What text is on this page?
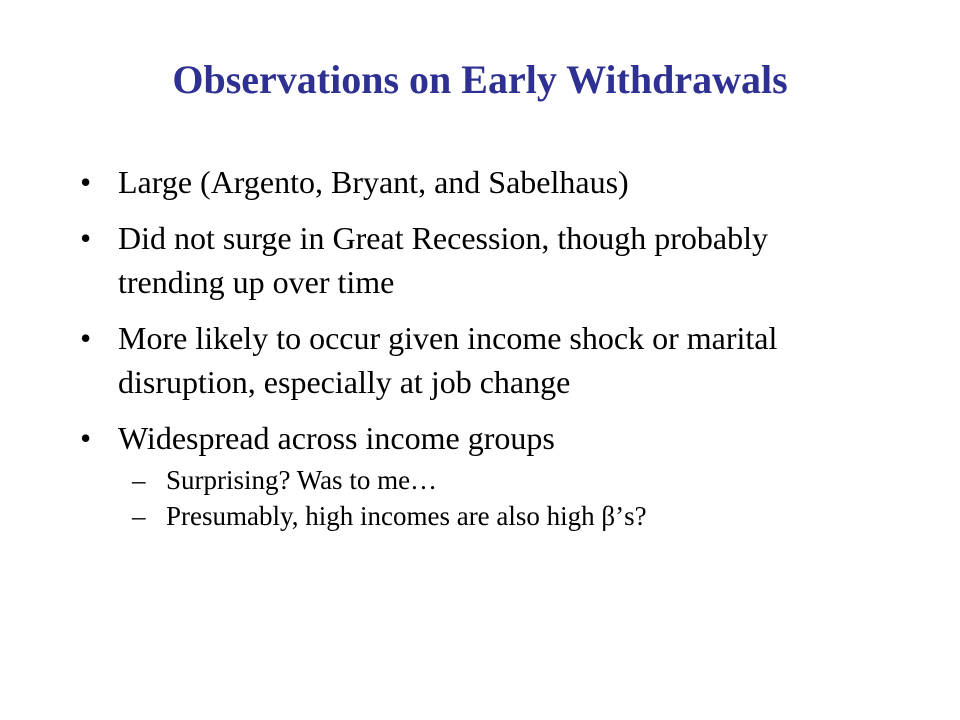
Observations on Early Withdrawals
• Large (Argento, Bryant, and Sabelhaus)
• Did not surge in Great Recession, though probably trending up over time
• More likely to occur given income shock or marital disruption, especially at job change
• Widespread across income groups
– Surprising? Was to me…
– Presumably, high incomes are also high β’s?
